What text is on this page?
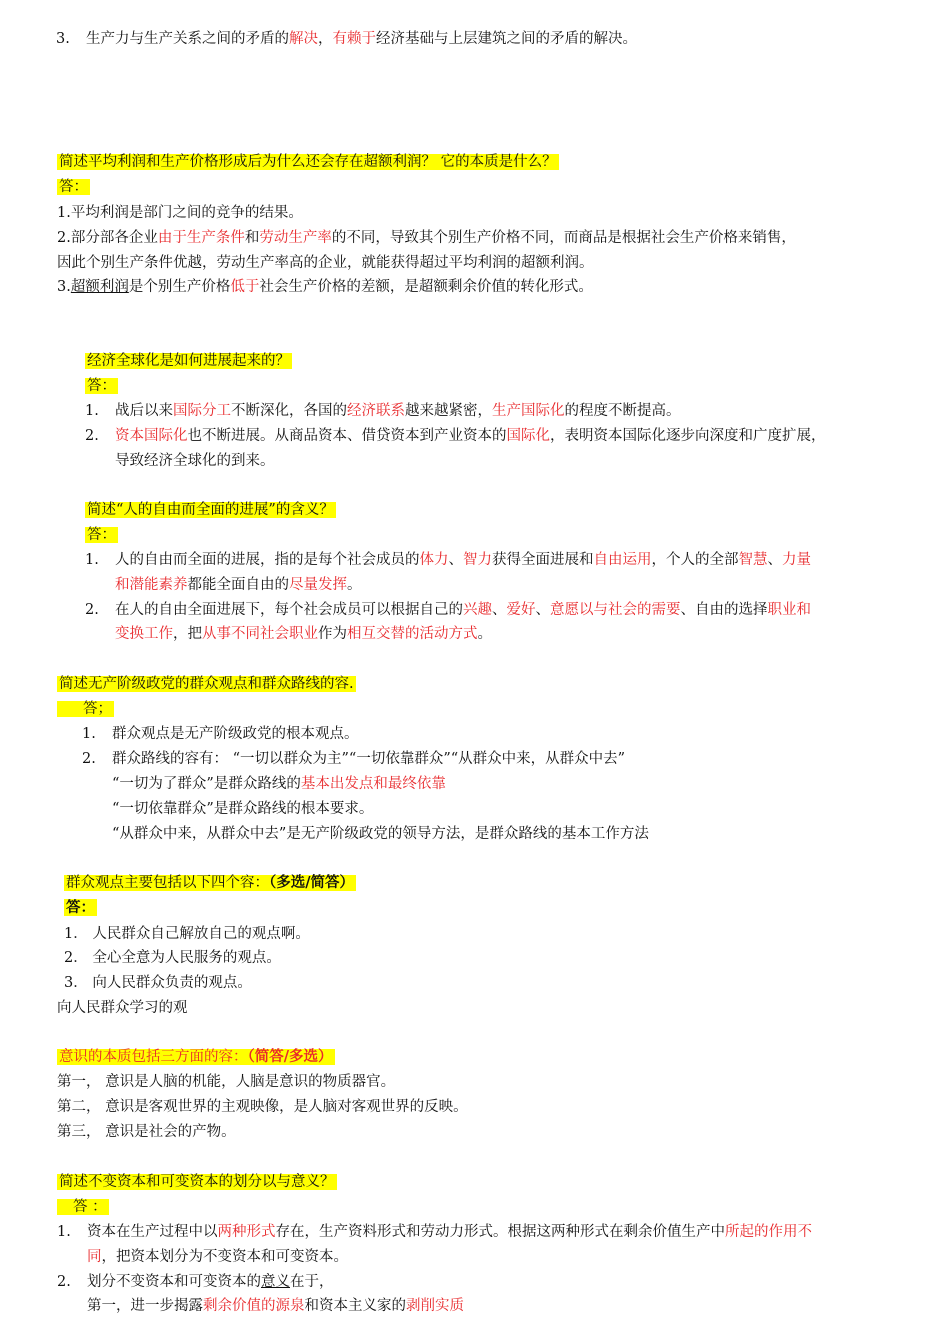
3. 生产力与生产关系之间的矛盾的解决，有赖于经济基础与上层建筑之间的矛盾的解决。
简述平均利润和生产价格形成后为什么还会存在超额利润？ 它的本质是什么？
答：
1.平均利润是部门之间的竞争的结果。
2.部分部各企业由于生产条件和劳动生产率的不同，导致其个别生产价格不同，而商品是根据社会生产价格来销售，
因此个别生产条件优越，劳动生产率高的企业，就能获得超过平均利润的超额利润。
3.超额利润是个别生产价格低于社会生产价格的差额，是超额剩余价值的转化形式。
经济全球化是如何进展起来的？
答：
1. 战后以来国际分工不断深化，各国的经济联系越来越紧密，生产国际化的程度不断提高。
2. 资本国际化也不断进展。从商品资本、借贷资本到产业资本的国际化，表明资本国际化逐步向深度和广度扩展，
导致经济全球化的到来。
简述“人的自由而全面的进展”的含义？
答：
1. 人的自由而全面的进展，指的是每个社会成员的体力、智力获得全面进展和自由运用，个人的全部智慧、力量
和潜能素养都能全面自由的尽量发挥。
2. 在人的自由全面进展下，每个社会成员可以根据自己的兴趣、爱好、意愿以与社会的需要、自由的选择职业和
变换工作，把从事不同社会职业作为相互交替的活动方式。
简述无产阶级政党的群众观点和群众路线的容.
答；
1. 群众观点是无产阶级政党的根本观点。
2. 群众路线的容有： “一切以群众为主”“一切依靠群众”“从群众中来，从群众中去”
“一切为了群众”是群众路线的基本出发点和最终依靠
“一切依靠群众”是群众路线的根本要求。
“从群众中来，从群众中去”是无产阶级政党的领导方法，是群众路线的基本工作方法
群众观点主要包括以下四个容：（多选/简答）
答：
1． 人民群众自己解放自己的观点啊。
2． 全心全意为人民服务的观点。
3． 向人民群众负责的观点。
向人民群众学习的观
意识的本质包括三方面的容：（简答/多选）
第一， 意识是人脑的机能，人脑是意识的物质器官。
第二， 意识是客观世界的主观映像，是人脑对客观世界的反映。
第三， 意识是社会的产物。
简述不变资本和可变资本的划分以与意义？
答 ：
1. 资本在生产过程中以两种形式存在，生产资料形式和劳动力形式。根据这两种形式在剩余价值生产中所起的作用不
同，把资本划分为不变资本和可变资本。
2. 划分不变资本和可变资本的意义在于，
第一，进一步揭露剩余价值的源泉和资本主义家的剥削实质
